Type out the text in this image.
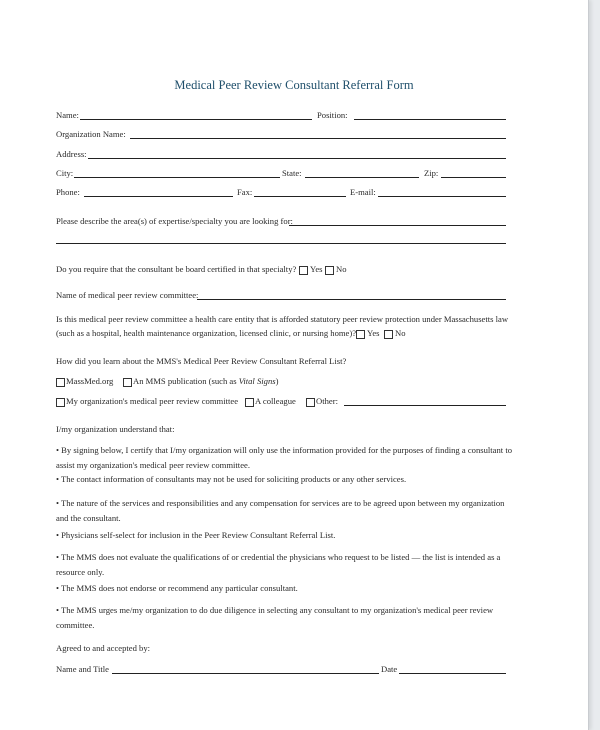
Medical Peer Review Consultant Referral Form
Name:	Position:
Organization Name:
Address:
City:	State:	Zip:
Phone:	Fax:	E-mail:
Please describe the area(s) of expertise/specialty you are looking for:
Do you require that the consultant be board certified in that specialty? Yes No
Name of medical peer review committee:
Is this medical peer review committee a health care entity that is afforded statutory peer review protection under Massachusetts law
(such as a hospital, health maintenance organization, licensed clinic, or nursing home)? Yes No
How did you learn about the MMS's Medical Peer Review Consultant Referral List?
MassMed.org An MMS publication (such as Vital Signs)
My organization's medical peer review committee A colleague Other:
I/my organization understand that:
• By signing below, I certify that I/my organization will only use the information provided for the purposes of finding a consultant to
assist my organization's medical peer review committee.
• The contact information of consultants may not be used for soliciting products or any other services.
• The nature of the services and responsibilities and any compensation for services are to be agreed upon between my organization
and the consultant.
• Physicians self-select for inclusion in the Peer Review Consultant Referral List.
• The MMS does not evaluate the qualifications of or credential the physicians who request to be listed — the list is intended as a
resource only.
• The MMS does not endorse or recommend any particular consultant.
• The MMS urges me/my organization to do due diligence in selecting any consultant to my organization's medical peer review
committee.
Agreed to and accepted by:
Name and Title	Date
